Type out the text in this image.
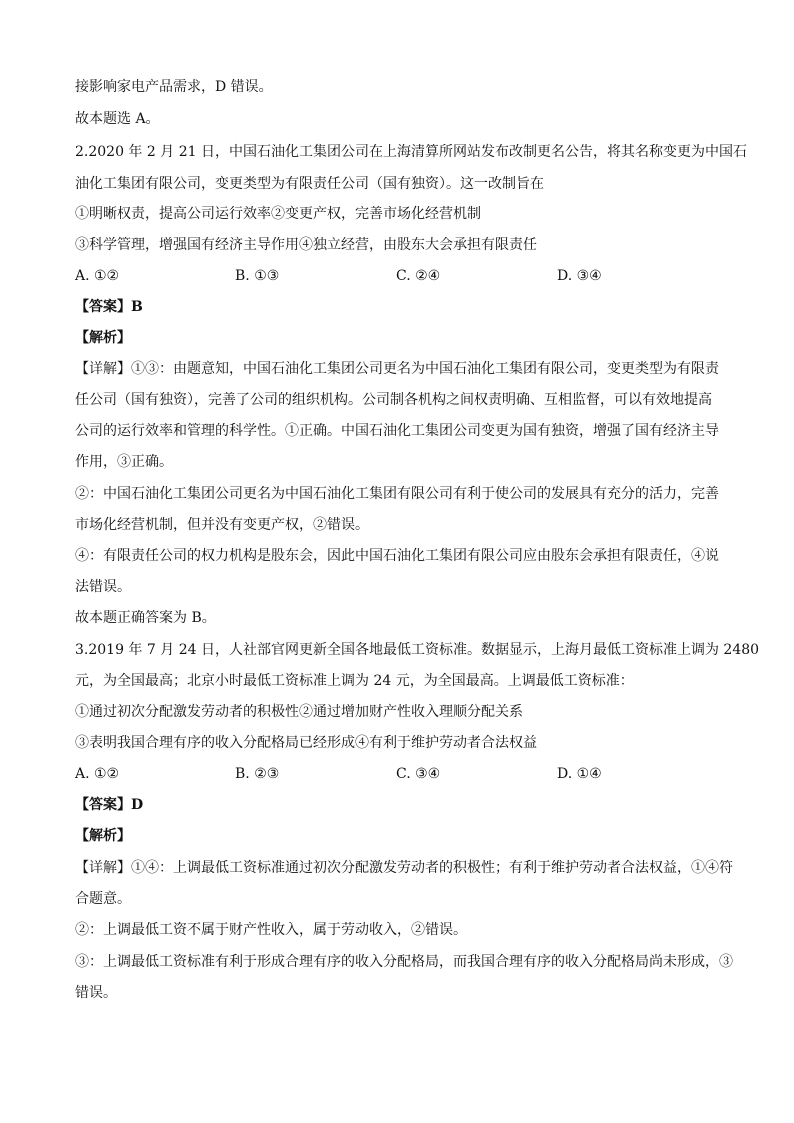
接影响家电产品需求，D 错误。
故本题选 A。
2.2020 年 2 月 21 日，中国石油化工集团公司在上海清算所网站发布改制更名公告，将其名称变更为中国石
油化工集团有限公司，变更类型为有限责任公司（国有独资）。这一改制旨在
①明晰权责，提高公司运行效率②变更产权，完善市场化经营机制
③科学管理，增强国有经济主导作用④独立经营，由股东大会承担有限责任
A. ①②	B. ①③	C. ②④	D. ③④
【答案】B
【解析】
【详解】①③：由题意知，中国石油化工集团公司更名为中国石油化工集团有限公司，变更类型为有限责
任公司（国有独资），完善了公司的组织机构。公司制各机构之间权责明确、互相监督，可以有效地提高
公司的运行效率和管理的科学性。①正确。中国石油化工集团公司变更为国有独资，增强了国有经济主导
作用，③正确。
②：中国石油化工集团公司更名为中国石油化工集团有限公司有利于使公司的发展具有充分的活力，完善
市场化经营机制，但并没有变更产权，②错误。
④：有限责任公司的权力机构是股东会，因此中国石油化工集团有限公司应由股东会承担有限责任，④说
法错误。
故本题正确答案为 B。
3.2019 年 7 月 24 日，人社部官网更新全国各地最低工资标准。数据显示，上海月最低工资标准上调为 2480
元，为全国最高；北京小时最低工资标准上调为 24 元，为全国最高。上调最低工资标准：
①通过初次分配激发劳动者的积极性②通过增加财产性收入理顺分配关系
③表明我国合理有序的收入分配格局已经形成④有利于维护劳动者合法权益
A. ①②	B. ②③	C. ③④	D. ①④
【答案】D
【解析】
【详解】①④：上调最低工资标准通过初次分配激发劳动者的积极性；有利于维护劳动者合法权益，①④符
合题意。
②：上调最低工资不属于财产性收入，属于劳动收入，②错误。
③：上调最低工资标准有利于形成合理有序的收入分配格局，而我国合理有序的收入分配格局尚未形成，③
错误。
